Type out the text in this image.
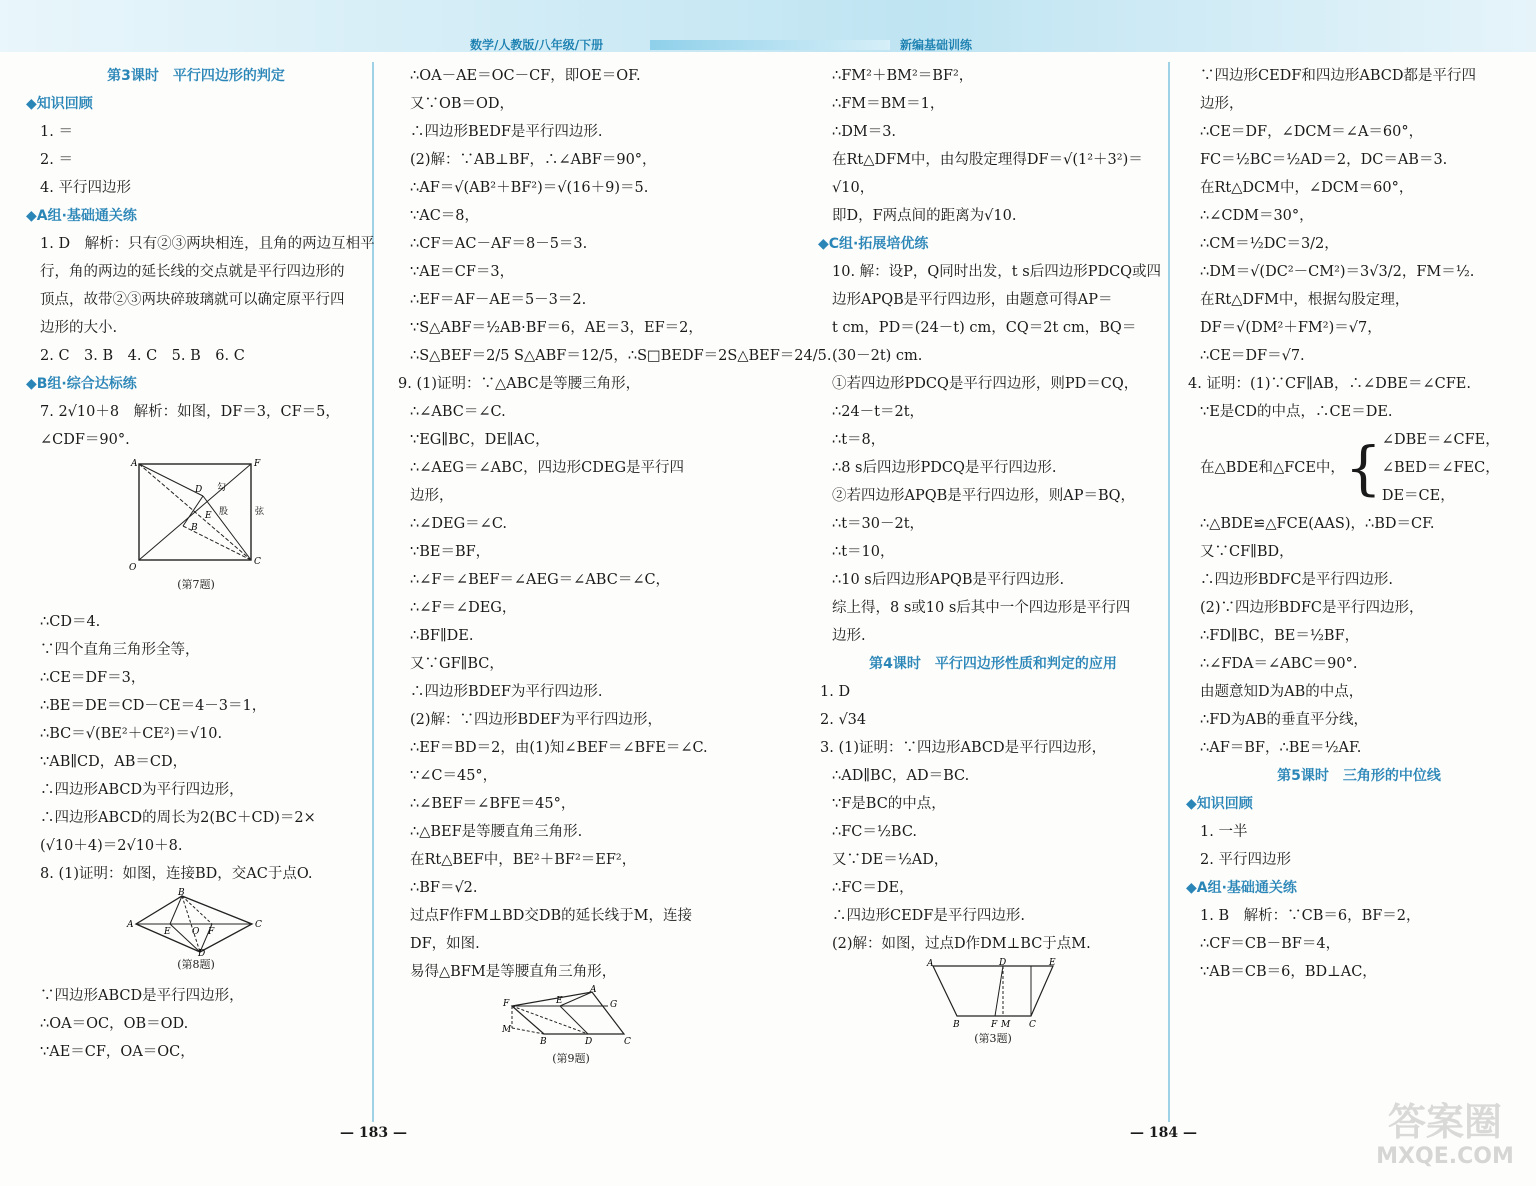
数学/人教版/八年级/下册	新编基础训练
第3课时　平行四边形的判定
◆知识回顾
1. ＝
2. ＝
4. 平行四边形
◆A组·基础通关练
1. D　解析：只有②③两块相连，且角的两边互相平
行，角的两边的延长线的交点就是平行四边形的
顶点，故带②③两块碎玻璃就可以确定原平行四
边形的大小.
2. C　3. B　4. C　5. B　6. C
◆B组·综合达标练
7. 2√10＋8　解析：如图，DF＝3，CF＝5，
∠CDF＝90°.
A	F
D 勾
E 股
B
弦
O
C
(第7题)
∴CD＝4.
∵四个直角三角形全等，
∴CE＝DF＝3，
∴BE＝DE＝CD－CE＝4－3＝1，
∴BC＝√(BE²＋CE²)＝√10.
∵AB∥CD，AB＝CD，
∴四边形ABCD为平行四边形，
∴四边形ABCD的周长为2(BC＋CD)＝2×
(√10＋4)＝2√10＋8.
8. (1)证明：如图，连接BD，交AC于点O.
B
A
E O F
C
D
(第8题)
∵四边形ABCD是平行四边形，
∴OA＝OC，OB＝OD.
∵AE＝CF，OA＝OC，
∴OA－AE＝OC－CF，即OE＝OF.
又∵OB＝OD，
∴四边形BEDF是平行四边形.
(2)解：∵AB⊥BF，∴∠ABF＝90°，
∴AF＝√(AB²＋BF²)＝√(16＋9)＝5.
∵AC＝8，
∴CF＝AC－AF＝8－5＝3.
∵AE＝CF＝3，
∴EF＝AF－AE＝5－3＝2.
∵S△ABF＝½AB·BF＝6，AE＝3，EF＝2，
∴S△BEF＝2/5 S△ABF＝12/5，∴S□BEDF＝2S△BEF＝24/5.
9. (1)证明：∵△ABC是等腰三角形，
∴∠ABC＝∠C.
∵EG∥BC，DE∥AC，
∴∠AEG＝∠ABC，四边形CDEG是平行四
边形，
∴∠DEG＝∠C.
∵BE＝BF，
∴∠F＝∠BEF＝∠AEG＝∠ABC＝∠C，
∴∠F＝∠DEG，
∴BF∥DE.
又∵GF∥BC，
∴四边形BDEF为平行四边形.
(2)解：∵四边形BDEF为平行四边形，
∴EF＝BD＝2，由(1)知∠BEF＝∠BFE＝∠C.
∵∠C＝45°，
∴∠BEF＝∠BFE＝45°，
∴△BEF是等腰直角三角形.
在Rt△BEF中，BE²＋BF²＝EF²，
∴BF＝√2.
过点F作FM⊥BD交DB的延长线于M，连接
DF，如图.
易得△BFM是等腰直角三角形，
A
F	E	G
M
B	D	C
(第9题)
∴FM²＋BM²＝BF²，
∴FM＝BM＝1，
∴DM＝3.
在Rt△DFM中，由勾股定理得DF＝√(1²＋3²)＝
√10，
即D，F两点间的距离为√10.
◆C组·拓展培优练
10. 解：设P，Q同时出发，t s后四边形PDCQ或四
边形APQB是平行四边形，由题意可得AP＝
t cm，PD＝(24－t) cm，CQ＝2t cm，BQ＝
(30－2t) cm.
①若四边形PDCQ是平行四边形，则PD＝CQ，
∴24－t＝2t，
∴t＝8，
∴8 s后四边形PDCQ是平行四边形.
②若四边形APQB是平行四边形，则AP＝BQ，
∴t＝30－2t，
∴t＝10，
∴10 s后四边形APQB是平行四边形.
综上得，8 s或10 s后其中一个四边形是平行四
边形.
第4课时　平行四边形性质和判定的应用
1. D
2. √34
3. (1)证明：∵四边形ABCD是平行四边形，
∴AD∥BC，AD＝BC.
∵F是BC的中点，
∴FC＝½BC.
又∵DE＝½AD，
∴FC＝DE，
∴四边形CEDF是平行四边形.
(2)解：如图，过点D作DM⊥BC于点M.
A	D	E
B	F M C
(第3题)
∵四边形CEDF和四边形ABCD都是平行四
边形，
∴CE＝DF，∠DCM＝∠A＝60°，
FC＝½BC＝½AD＝2，DC＝AB＝3.
在Rt△DCM中，∠DCM＝60°，
∴∠CDM＝30°，
∴CM＝½DC＝3/2，
∴DM＝√(DC²－CM²)＝3√3/2，FM＝½.
在Rt△DFM中，根据勾股定理，
DF＝√(DM²＋FM²)＝√7，
∴CE＝DF＝√7.
4. 证明：(1)∵CF∥AB，∴∠DBE＝∠CFE.
∵E是CD的中点，∴CE＝DE.
在△BDE和△FCE中， { ∠DBE＝∠CFE，
∠BED＝∠FEC，
DE＝CE，
∴△BDE≌△FCE(AAS)，∴BD＝CF.
又∵CF∥BD，
∴四边形BDFC是平行四边形.
(2)∵四边形BDFC是平行四边形，
∴FD∥BC，BE＝½BF，
∴∠FDA＝∠ABC＝90°.
由题意知D为AB的中点，
∴FD为AB的垂直平分线，
∴AF＝BF，∴BE＝½AF.
第5课时　三角形的中位线
◆知识回顾
1. 一半
2. 平行四边形
◆A组·基础通关练
1. B　解析：∵CB＝6，BF＝2，
∴CF＝CB－BF＝4，
∵AB＝CB＝6，BD⊥AC，
— 183 —	— 184 —	答案圈
MXQE.COM
